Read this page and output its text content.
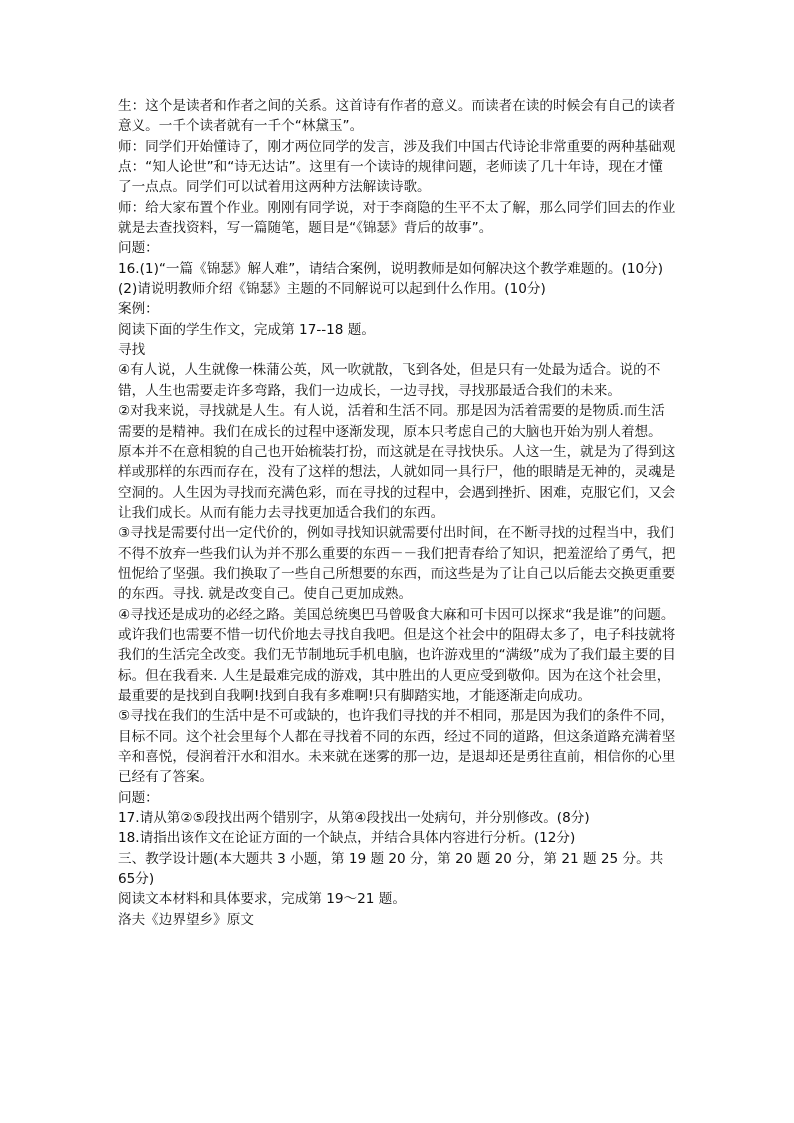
生：这个是读者和作者之间的关系。这首诗有作者的意义。而读者在读的时候会有自己的读者意义。一千个读者就有一千个“林黛玉”。

师：同学们开始懂诗了，刚才两位同学的发言，涉及我们中国古代诗论非常重要的两种基础观点：“知人论世”和“诗无达诂”。这里有一个读诗的规律问题，老师读了几十年诗，现在才懂了一点点。同学们可以试着用这两种方法解读诗歌。

师：给大家布置个作业。刚刚有同学说，对于李商隐的生平不太了解，那么同学们回去的作业就是去查找资料，写一篇随笔，题目是“《锦瑟》背后的故事”。

问题：

16.(1)“一篇《锦瑟》解人难”，请结合案例，说明教师是如何解决这个教学难题的。(10分)

(2)请说明教师介绍《锦瑟》主题的不同解说可以起到什么作用。(10分)

案例：

阅读下面的学生作文，完成第 17--18 题。

寻找

④有人说，人生就像一株蒲公英，风一吹就散，飞到各处，但是只有一处最为适合。说的不错，人生也需要走许多弯路，我们一边成长，一边寻找，寻找那最适合我们的未来。

②对我来说，寻找就是人生。有人说，活着和生活不同。那是因为活着需要的是物质.而生活需要的是精神。我们在成长的过程中逐渐发现，原本只考虑自己的大脑也开始为别人着想。

原本并不在意相貌的自己也开始梳装打扮，而这就是在寻找快乐。人这一生，就是为了得到这样或那样的东西而存在，没有了这样的想法，人就如同一具行尸，他的眼睛是无神的，灵魂是空洞的。人生因为寻找而充满色彩，而在寻找的过程中，会遇到挫折、困难，克服它们，又会让我们成长。从而有能力去寻找更加适合我们的东西。

③寻找是需要付出一定代价的，例如寻找知识就需要付出时间，在不断寻找的过程当中，我们不得不放弃一些我们认为并不那么重要的东西－－我们把青春给了知识，把羞涩给了勇气，把忸怩给了坚强。我们换取了一些自己所想要的东西，而这些是为了让自己以后能去交换更重要的东西。寻找. 就是改变自己。使自己更加成熟。

④寻找还是成功的必经之路。美国总统奥巴马曾吸食大麻和可卡因可以探求“我是谁”的问题。或许我们也需要不惜一切代价地去寻找自我吧。但是这个社会中的阻碍太多了，电子科技就将我们的生活完全改变。我们无节制地玩手机电脑，也许游戏里的“满级”成为了我们最主要的目标。但在我看来. 人生是最难完成的游戏，其中胜出的人更应受到敬仰。因为在这个社会里，最重要的是找到自我啊!找到自我有多难啊!只有脚踏实地，才能逐渐走向成功。

⑤寻找在我们的生活中是不可或缺的，也许我们寻找的并不相同，那是因为我们的条件不同，目标不同。这个社会里每个人都在寻找着不同的东西，经过不同的道路，但这条道路充满着坚辛和喜悦，侵润着汗水和泪水。未来就在迷雾的那一边，是退却还是勇往直前，相信你的心里已经有了答案。

问题：

17.请从第②⑤段找出两个错别字，从第④段找出一处病句，并分别修改。(8分)

18.请指出该作文在论证方面的一个缺点，并结合具体内容进行分析。(12分)

三、教学设计题(本大题共 3 小题，第 19 题 20 分，第 20 题 20 分，第 21 题 25 分。共 65分)

阅读文本材料和具体要求，完成第 19～21 题。

洛夫《边界望乡》原文
